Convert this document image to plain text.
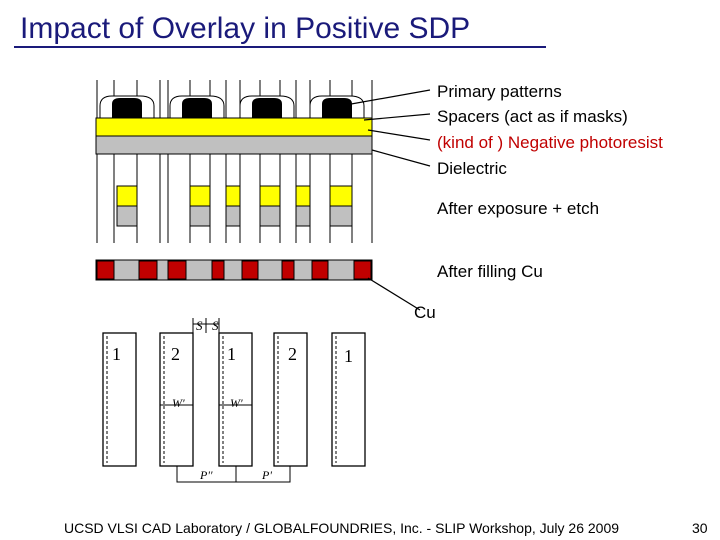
Impact of Overlay in Positive SDP
Primary patterns
Spacers (act as if masks)
(kind of ) Negative photoresist
Dielectric
After exposure + etch
After filling Cu
Cu
1	2	1	2	1
S S
W'	W'
P''	P'
UCSD VLSI CAD Laboratory / GLOBALFOUNDRIES, Inc. - SLIP Workshop, July 26 2009	30
